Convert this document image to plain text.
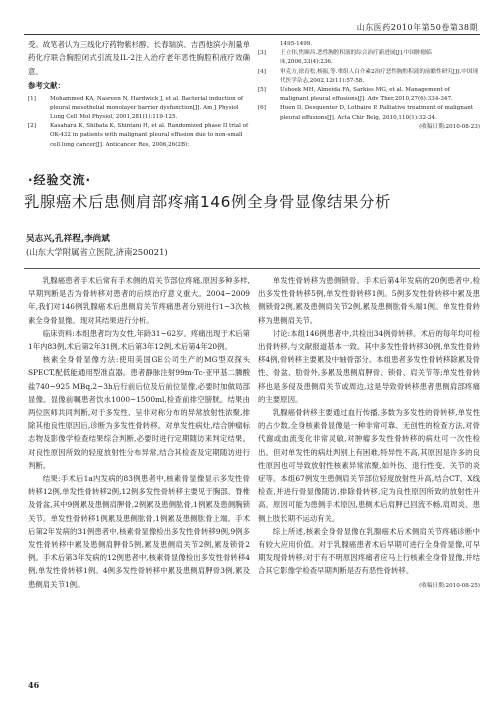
山东医药2010年第50卷第38期

受。故笔者认为三线化疗药物紫杉醇、长春瑞滨、吉西他滨小剂量单药化疗联合胸腔闭式引流及IL-2注入治疗老年恶性胸腔积液疗效确意。

参考文献：
[1]	Mohammed KA, Nasreen N, Hardwick J, et al. Bacterial induction of pleural mesothelial monolayer barrier dysfunction[J]. Am J Physiol Lung Cell Mol Physiol, 2001,281(1):119-125.
[2]	Kasahara K, Shibata K, Shintani H, et al. Randomized phase II trial of OK-432 in patients with malignant pleural effusion due to non-small cell lung cancer[J]. Anticancer Res, 2006,26(2B):
1495-1499.
[3]	王立伟,焦顺昌.恶性胸腔积液的综合治疗新进展[J].中国肿瘤临床,2006,33(4):236.
[4]	审克方,徐育松,杨振,等.重组人白介素2治疗恶性胸腔积液的前瞻性研究[J].中国现代医学杂志,2002,12(11):57-58.
[5]	Ushoek MH, Almeida FA, Sarkiss MG, et al. Management of malignant pleural effusions[J]. Adv Ther,2010,27(6):334-347.
[6]	Hoen D, Desquenter D, Lothaire P. Palliative treatment of malignant pleural effusions[J]. Acta Chir Belg, 2010,110(1):32-34.
(收稿日期:2010-08-23)
·经验交流·
乳腺癌术后患侧肩部疼痛146例全身骨显像结果分析
吴志兴,孔祥程,李尚斌
(山东大学附属省立医院,济南250021)

乳腺癌患者手术后常有手术侧的肩关节部位疼痛,原因多种多样,早期判断是否为骨转移对患者的后续治疗意义重大。2004~2009年,我们对146例乳腺癌术后患侧肩关节疼痛患者分别进行1~3次核素全身骨显像。现对其结果进行分析。

临床资料:本组患者均为女性,年龄31~62岁。疼痛出现于术后第1年内83例,术后第2年31例,术后第3年12例,术后第4年20例。

核素全身骨显像方法:使用美国GE公司生产的MG型双探头SPECT,配低能通用型准直器。患者静脉注射99m-Tc-亚甲基二膦酸盐740~925 MBq,2~3h后行前后位及后前位显像,必要时加做局部显像。显像前嘱患者饮水1000~1500ml,检查前排空膀胱。结果由两位医师共同判断,对于多发性、呈非对称分布的异常放射性浓聚,排除其他良性原因后,诊断为多发性骨转移。对单发性病灶,结合肿瘤标志物及影像学检查结果综合判断,必要时进行定期随访来判定结果。对良性原因所致的轻度放射性分布异常,结合其检查及定期随访进行判断。

结果:手术后1a内发病的83例患者中,核素骨显像显示多发性骨转移12例,单发性骨转移2例,12例多发性骨转移主要见于胸部、脊椎及骨盆,其中9例累及患侧肩胛骨,2例累及患侧肱骨,1例累及患侧胸锁关节。单发性骨转移1例累及患侧肱骨,1例累及患侧肱骨上端。手术后第2年发病的31例患者中,核素骨显像检出多发性骨转移9例,9例多发性骨转移中累及患侧肩胛骨5例,累及患侧肩关节2例,累及锁骨2例。手术后第3年发病的12例患者中,核素骨显像检出多发性骨转移4例,单发性骨转移1例。4例多发性骨转移中累及患侧肩胛骨3例,累及患侧肩关节1例。

单发性骨转移为患侧锁骨。手术后第4年发病的20例患者中,检出多发性骨转移5例,单发性骨转移1例。5例多发性骨转移中累及患侧锁骨2例,累及患侧肩关节2例,累及患侧肱骨头端1例。单发性骨转移为患侧肩关节。

讨论:本组146例患者中,共检出34例骨转移。术后的每年均可检出骨转移,与文献报道基本一致。其中多发性骨转移30例,单发性骨转移4例,骨转移主要累及中轴骨部分。本组患者多发性骨转移除累及骨性、骨盆、肋骨外,多累及患侧肩胛骨、锁骨、肩关节等;单发性骨转移也是多侵及患侧肩关节或周边,这是导致骨转移患者患侧肩部疼痛的主要原因。

乳腺癌骨转移主要通过血行传播,多数为多发性的骨转移,单发性的占少数,全身核素骨显像是一种非常可靠、无创性的检查方法,对骨代谢或血流变化非常灵敏,对肿瘤多发性骨转移的病灶可一次性检出。但对单发性的病灶判别上有困难,特异性不高,其原因是许多的良性原因也可导致放射性核素异常浓聚,如外伤、退行性变、关节的炎症等。本组67例发生患侧肩关节部位轻度放射性升高,结合CT、X线检查,并进行骨显像随访,排除骨转移,定为良性原因所致的放射性升高。原因可能为患侧手术原因,患侧术后肩胛已回流不畅,肩周炎、患侧上肢长期不运动有关。

综上所述,核素全身骨显像在乳腺癌术后术侧肩关节疼痛诊断中有较大应用价值。对于乳腺癌患者术后早期可进行全身骨显像,可早期发现骨转移;对于有不明原因疼痛者应马上行核素全身骨显像,并结合其它影像学检查早期判断是否有恶性骨转移。

(收稿日期:2010-08-25)
46
